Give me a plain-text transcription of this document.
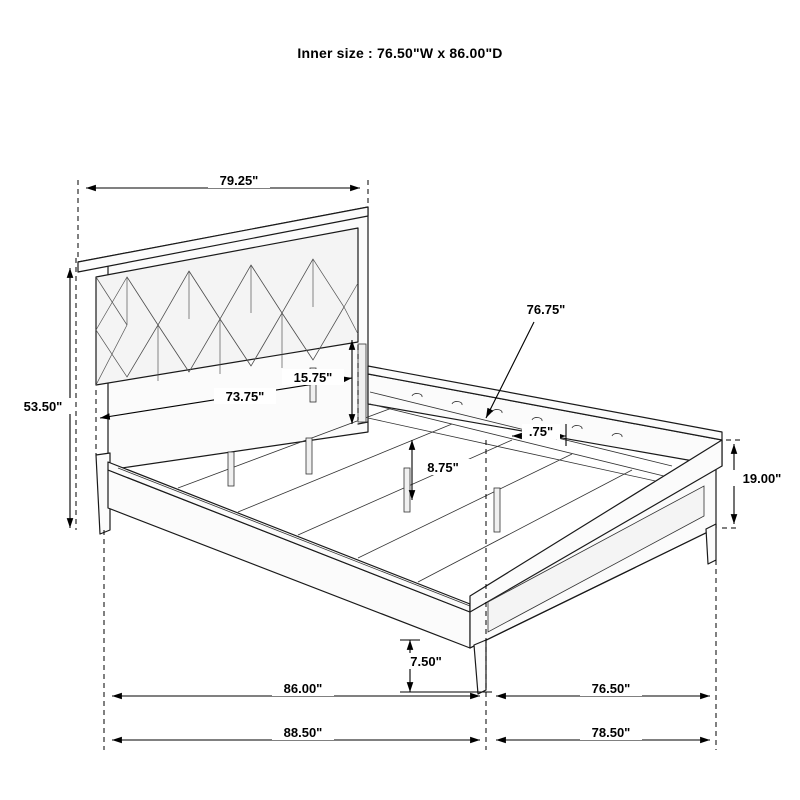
Inner size : 76.50"W x 86.00"D
79.25"
53.50"
73.75"
15.75"
76.75"
.75"
8.75"
19.00"
7.50"
86.00"	76.50"
88.50"	78.50"
